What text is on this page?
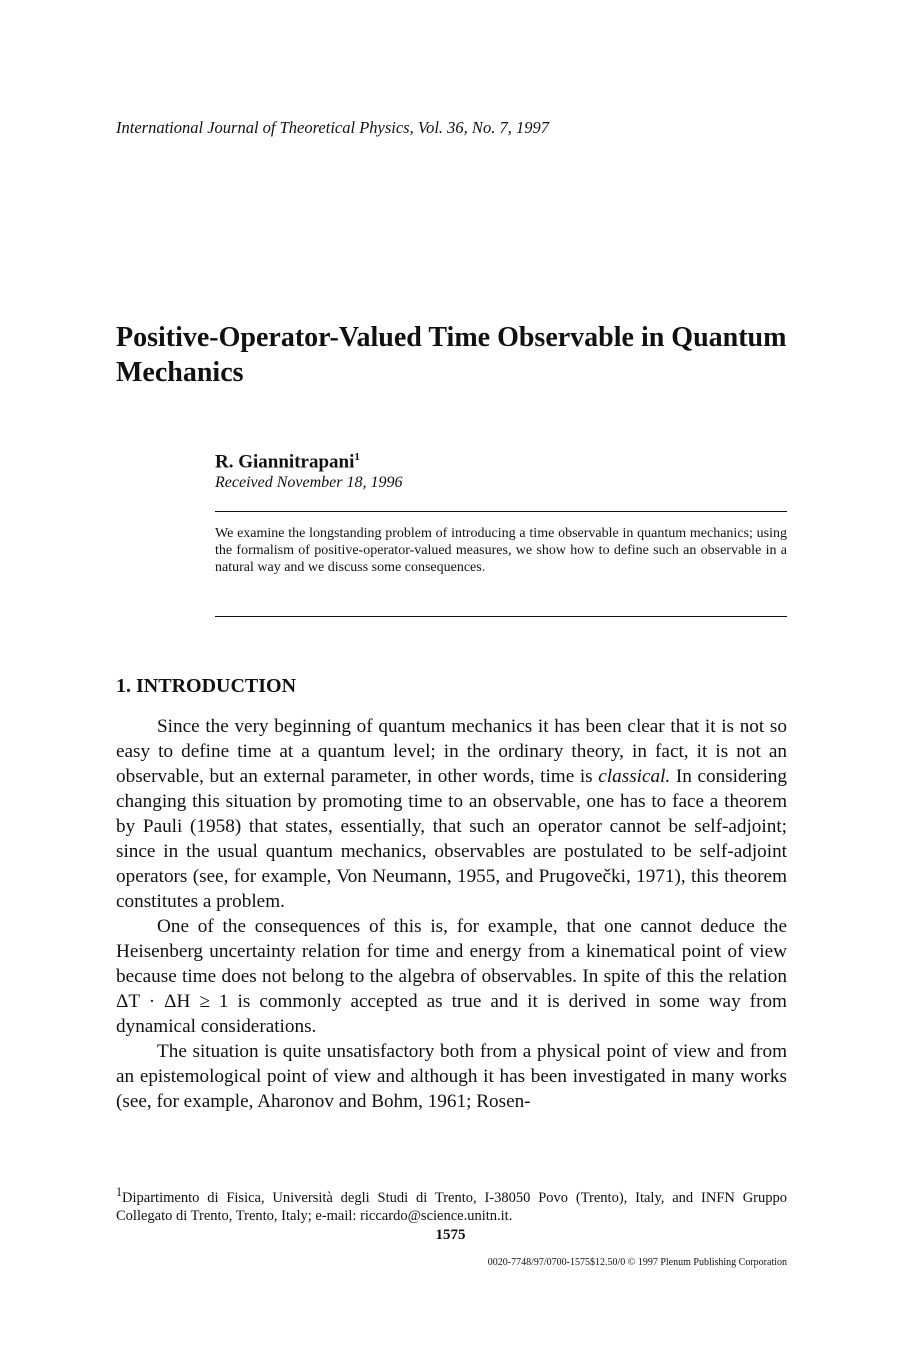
International Journal of Theoretical Physics, Vol. 36, No. 7, 1997
Positive-Operator-Valued Time Observable in Quantum Mechanics
R. Giannitrapani$^1$
Received November 18, 1996
We examine the longstanding problem of introducing a time observable in quantum mechanics; using the formalism of positive-operator-valued measures, we show how to define such an observable in a natural way and we discuss some consequences.
1. INTRODUCTION

Since the very beginning of quantum mechanics it has been clear that it is not so easy to define time at a quantum level; in the ordinary theory, in fact, it is not an observable, but an external parameter, in other words, time is classical. In considering changing this situation by promoting time to an observable, one has to face a theorem by Pauli (1958) that states, essentially, that such an operator cannot be self-adjoint; since in the usual quantum mechanics, observables are postulated to be self-adjoint operators (see, for example, Von Neumann, 1955, and Prugovečki, 1971), this theorem constitutes a problem.

One of the consequences of this is, for example, that one cannot deduce the Heisenberg uncertainty relation for time and energy from a kinematical point of view because time does not belong to the algebra of observables. In spite of this the relation ΔT · ΔH ≥ 1 is commonly accepted as true and it is derived in some way from dynamical considerations.

The situation is quite unsatisfactory both from a physical point of view and from an epistemological point of view and although it has been investigated in many works (see, for example, Aharonov and Bohm, 1961; Rosen-

$^1$Dipartimento di Fisica, Università degli Studi di Trento, I-38050 Povo (Trento), Italy, and INFN Gruppo Collegato di Trento, Trento, Italy; e-mail: riccardo@science.unitn.it.
1575
0020-7748/97/0700-1575$12.50/0 © 1997 Plenum Publishing Corporation
